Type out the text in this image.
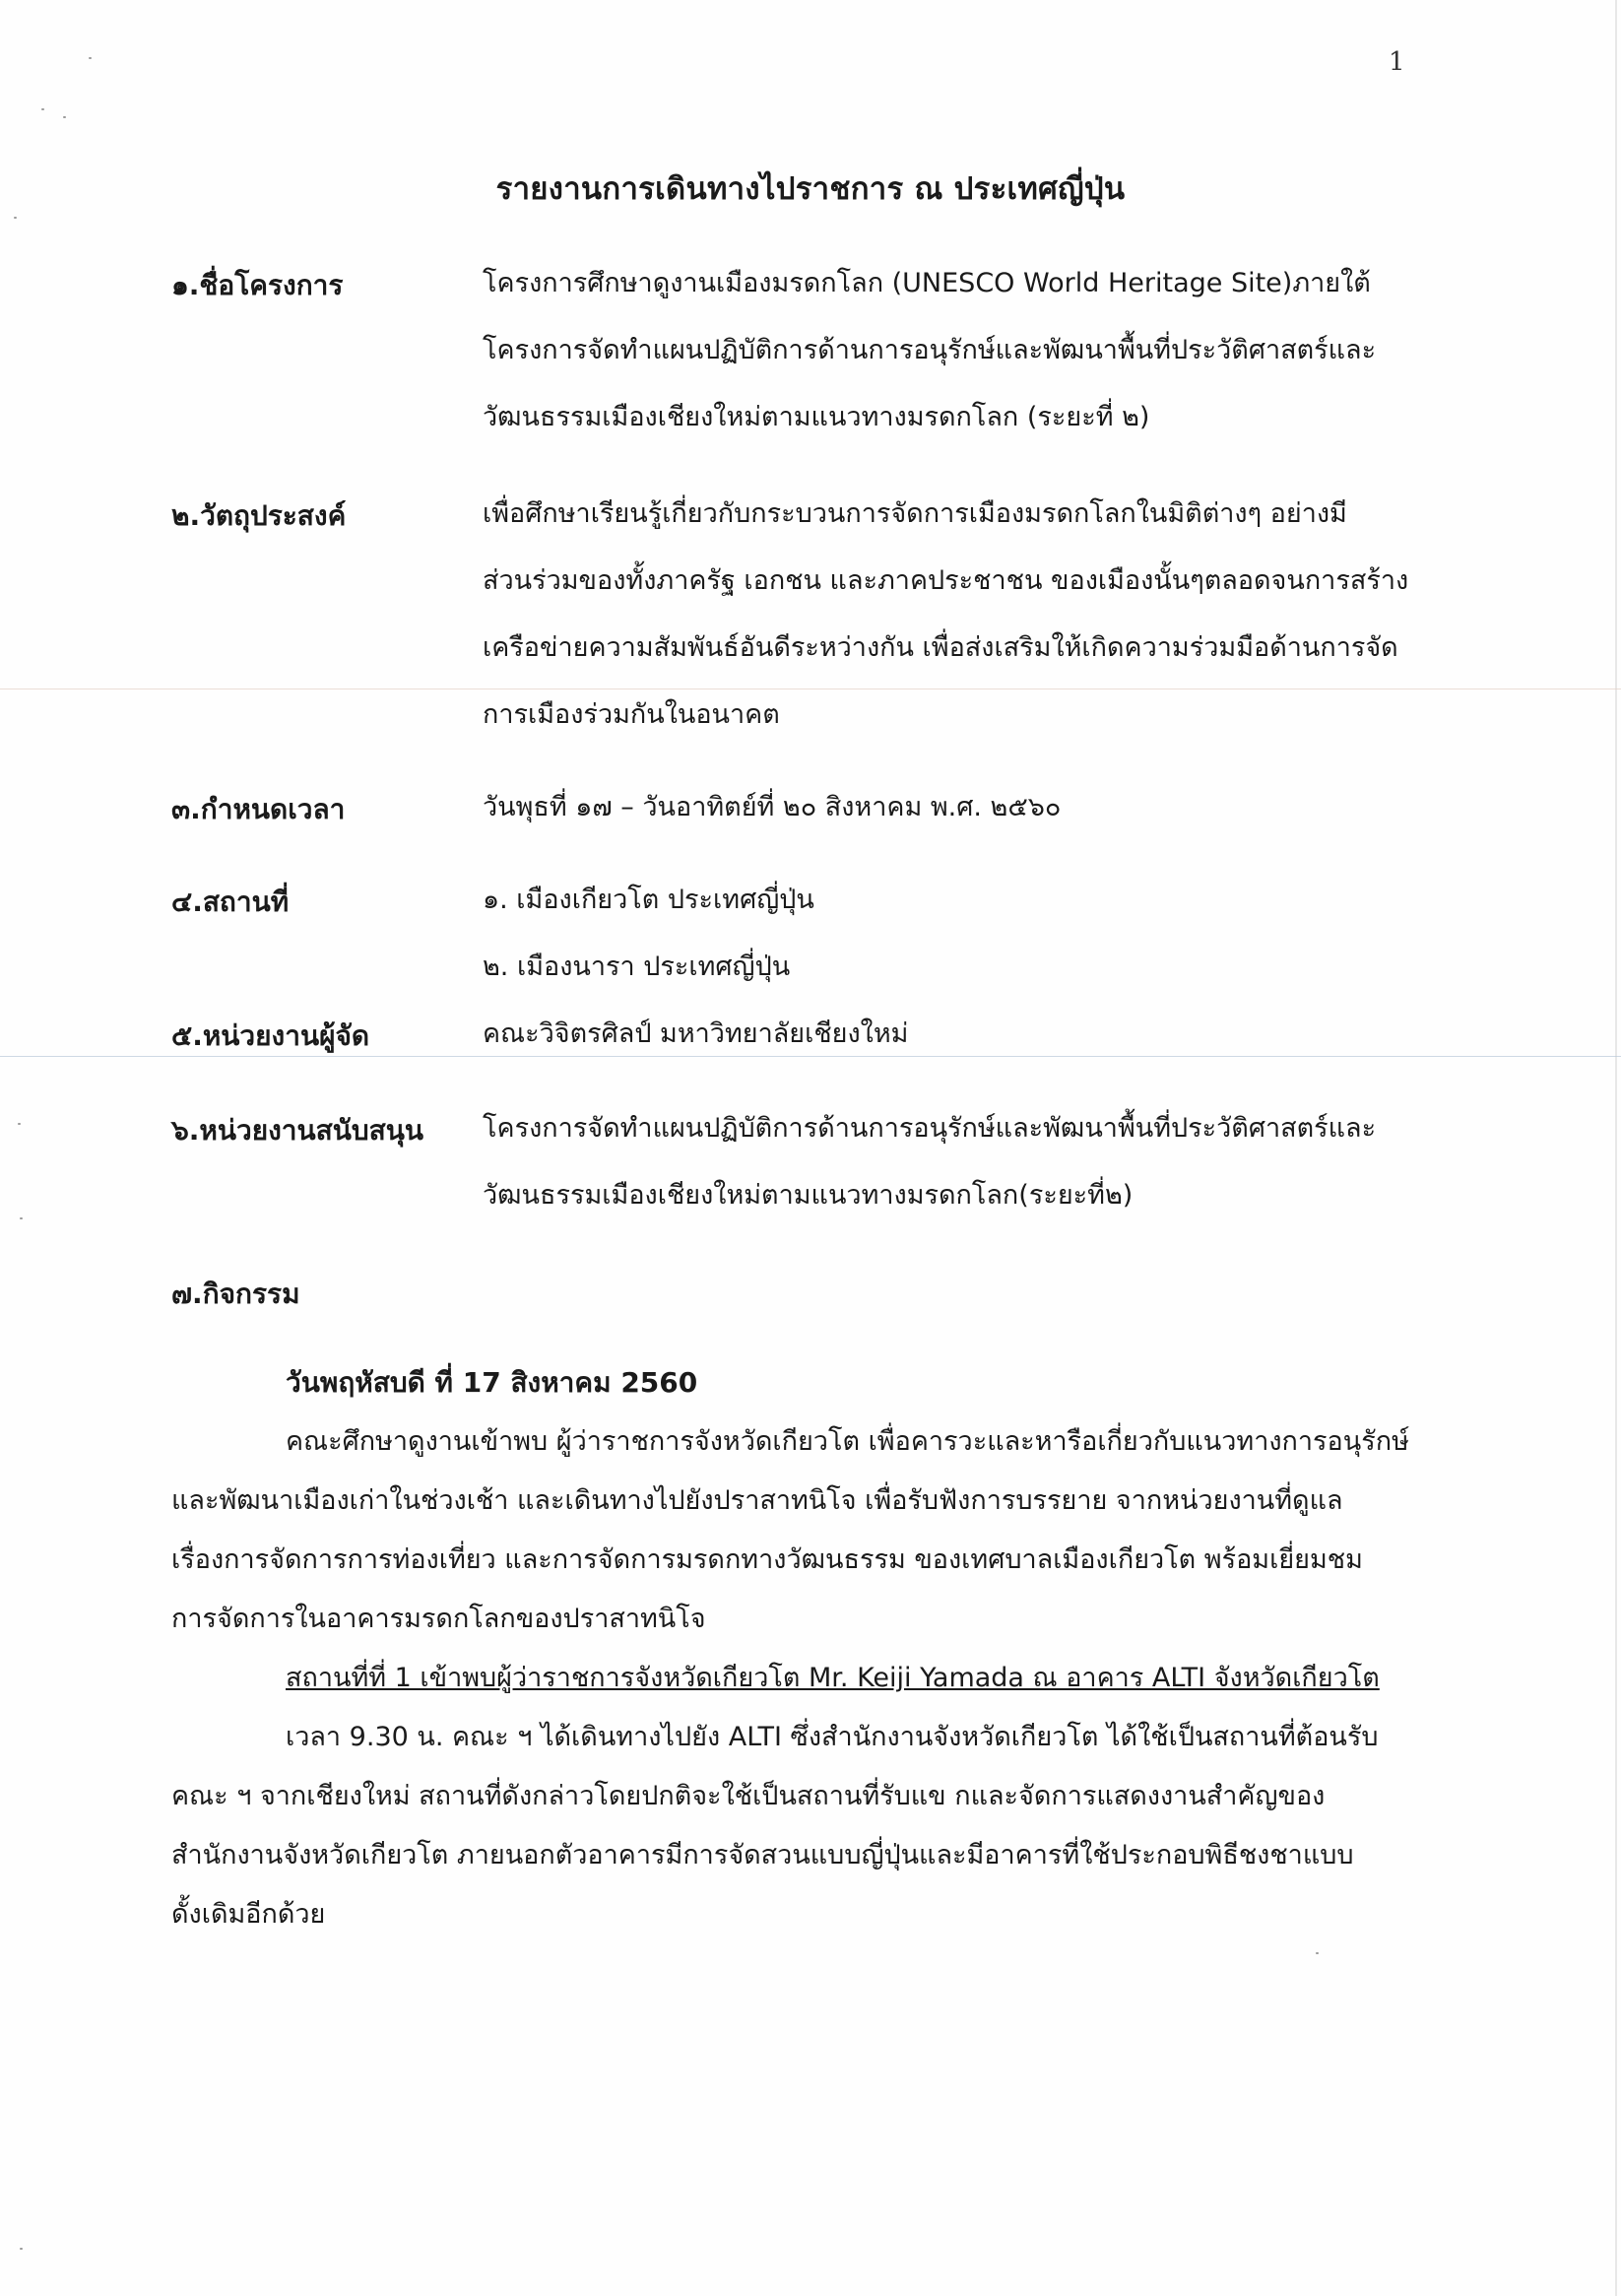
1
รายงานการเดินทางไปราชการ ณ ประเทศญี่ปุ่น
๑.ชื่อโครงการ	โครงการศึกษาดูงานเมืองมรดกโลก (UNESCO World Heritage Site)ภายใต้
โครงการจัดทำแผนปฏิบัติการด้านการอนุรักษ์และพัฒนาพื้นที่ประวัติศาสตร์และ
วัฒนธรรมเมืองเชียงใหม่ตามแนวทางมรดกโลก (ระยะที่ ๒)
๒.วัตถุประสงค์	เพื่อศึกษาเรียนรู้เกี่ยวกับกระบวนการจัดการเมืองมรดกโลกในมิติต่างๆ อย่างมี
ส่วนร่วมของทั้งภาครัฐ เอกชน และภาคประชาชน ของเมืองนั้นๆตลอดจนการสร้าง
เครือข่ายความสัมพันธ์อันดีระหว่างกัน เพื่อส่งเสริมให้เกิดความร่วมมือด้านการจัด
การเมืองร่วมกันในอนาคต
๓.กำหนดเวลา	วันพุธที่ ๑๗ – วันอาทิตย์ที่ ๒๐ สิงหาคม พ.ศ. ๒๕๖๐
๔.สถานที่	๑. เมืองเกียวโต ประเทศญี่ปุ่น
๒. เมืองนารา ประเทศญี่ปุ่น
๕.หน่วยงานผู้จัด	คณะวิจิตรศิลป์ มหาวิทยาลัยเชียงใหม่
๖.หน่วยงานสนับสนุน	โครงการจัดทำแผนปฏิบัติการด้านการอนุรักษ์และพัฒนาพื้นที่ประวัติศาสตร์และ
วัฒนธรรมเมืองเชียงใหม่ตามแนวทางมรดกโลก(ระยะที่๒)
๗.กิจกรรม
วันพฤหัสบดี ที่ 17 สิงหาคม 2560
คณะศึกษาดูงานเข้าพบ ผู้ว่าราชการจังหวัดเกียวโต เพื่อคารวะและหารือเกี่ยวกับแนวทางการอนุรักษ์
และพัฒนาเมืองเก่าในช่วงเช้า และเดินทางไปยังปราสาทนิโจ เพื่อรับฟังการบรรยาย จากหน่วยงานที่ดูแล
เรื่องการจัดการการท่องเที่ยว และการจัดการมรดกทางวัฒนธรรม ของเทศบาลเมืองเกียวโต พร้อมเยี่ยมชม
การจัดการในอาคารมรดกโลกของปราสาทนิโจ
สถานที่ที่ 1 เข้าพบผู้ว่าราชการจังหวัดเกียวโต Mr. Keiji Yamada ณ อาคาร ALTI จังหวัดเกียวโต
เวลา 9.30 น. คณะ ฯ ได้เดินทางไปยัง ALTI ซึ่งสำนักงานจังหวัดเกียวโต ได้ใช้เป็นสถานที่ต้อนรับ
คณะ ฯ จากเชียงใหม่ สถานที่ดังกล่าวโดยปกติจะใช้เป็นสถานที่รับแข กและจัดการแสดงงานสำคัญของ
สำนักงานจังหวัดเกียวโต ภายนอกตัวอาคารมีการจัดสวนแบบญี่ปุ่นและมีอาคารที่ใช้ประกอบพิธีชงชาแบบ
ดั้งเดิมอีกด้วย
